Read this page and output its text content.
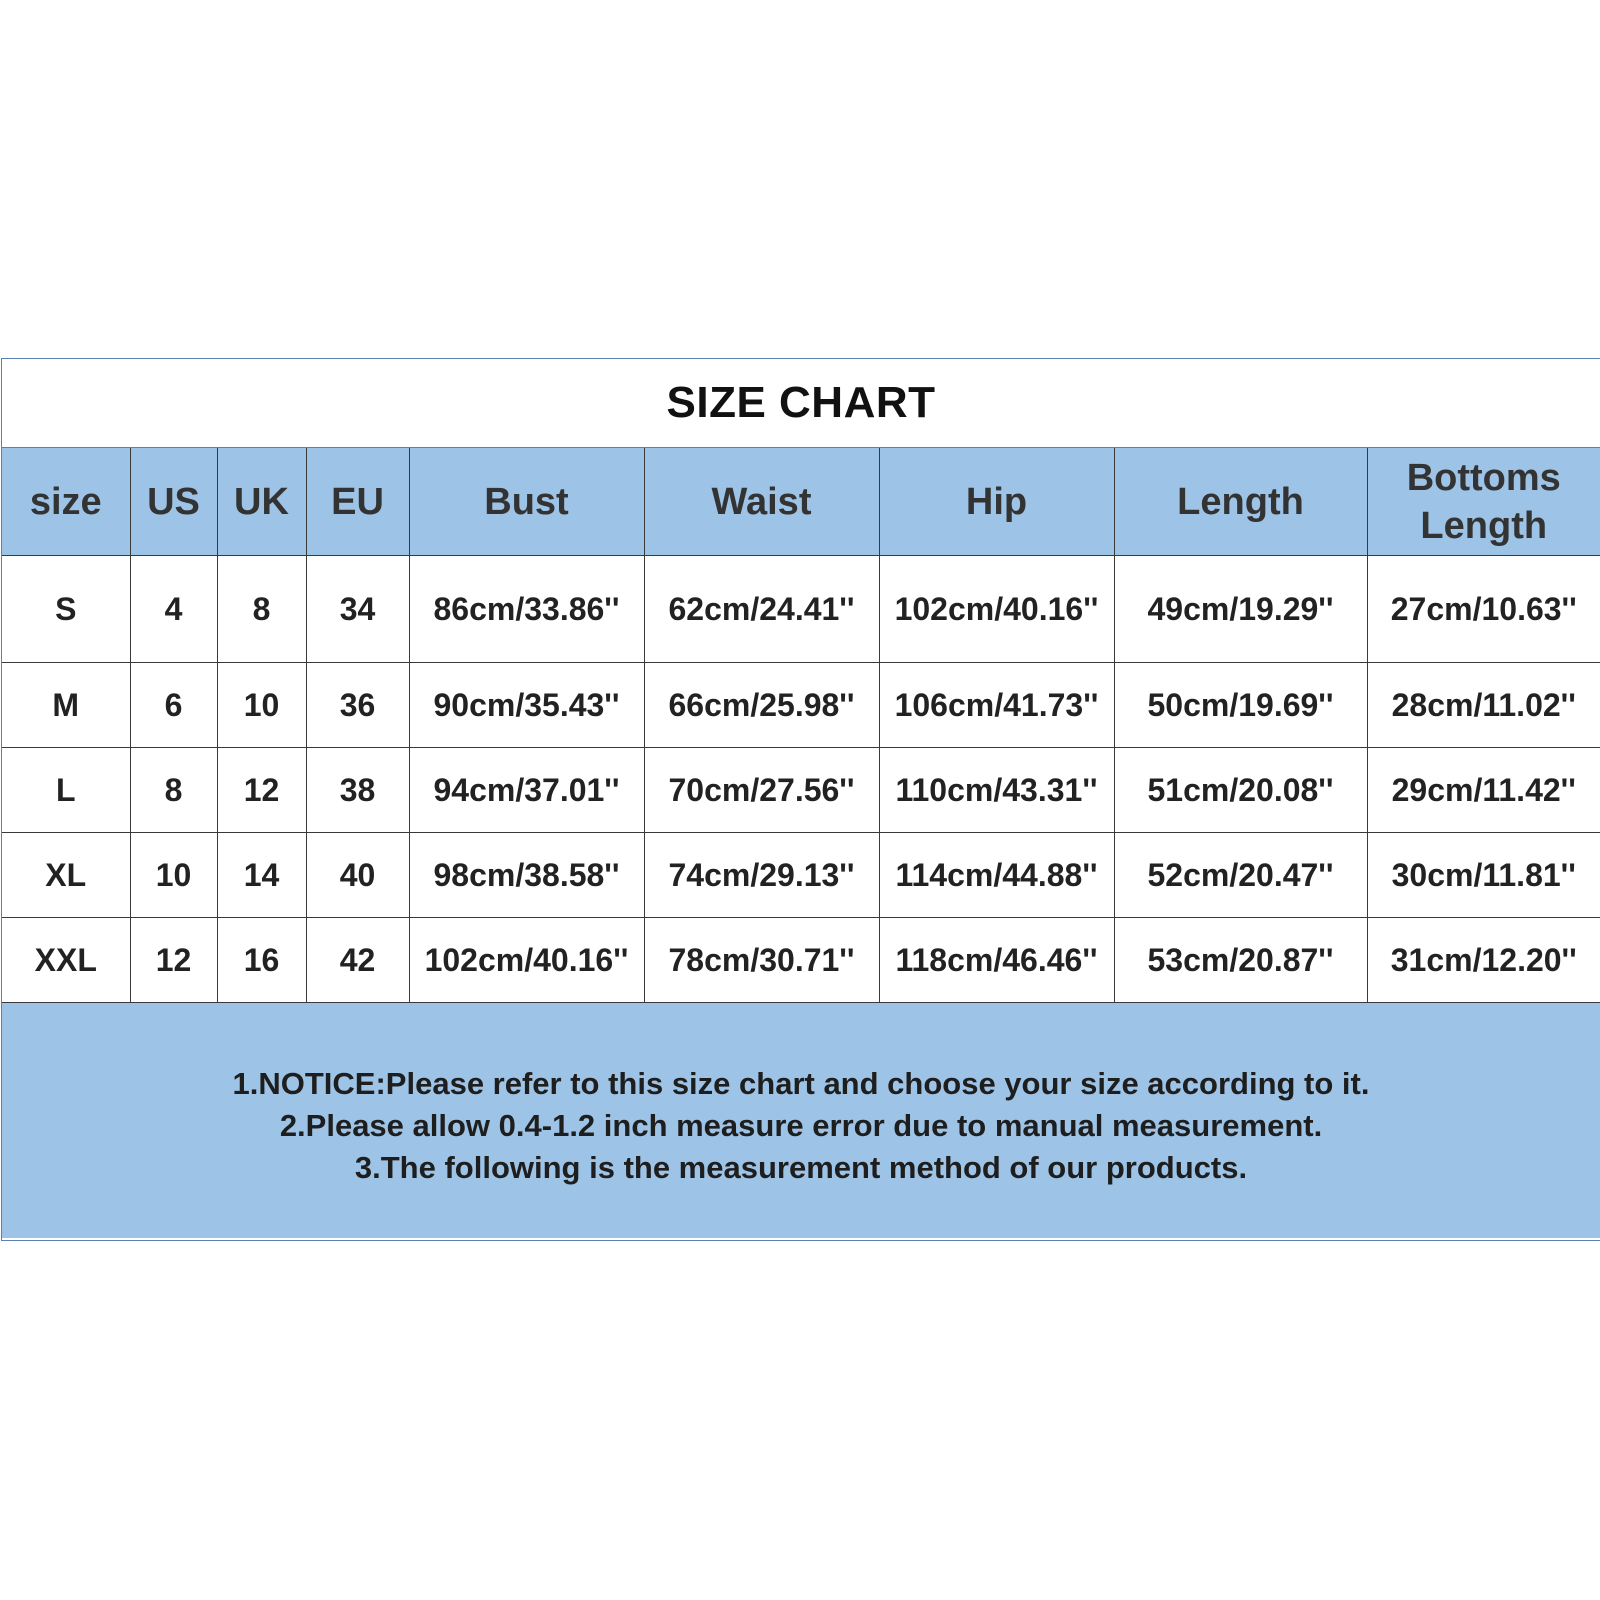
SIZE CHART
size	US	UK	EU	Bust	Waist	Hip	Length	Bottoms Length
S	4	8	34	86cm/33.86''	62cm/24.41''	102cm/40.16''	49cm/19.29''	27cm/10.63''
M	6	10	36	90cm/35.43''	66cm/25.98''	106cm/41.73''	50cm/19.69''	28cm/11.02''
L	8	12	38	94cm/37.01''	70cm/27.56''	110cm/43.31''	51cm/20.08''	29cm/11.42''
XL	10	14	40	98cm/38.58''	74cm/29.13''	114cm/44.88''	52cm/20.47''	30cm/11.81''
XXL	12	16	42	102cm/40.16''	78cm/30.71''	118cm/46.46''	53cm/20.87''	31cm/12.20''
1.NOTICE:Please refer to this size chart and choose your size according to it.
2.Please allow 0.4-1.2 inch measure error due to manual measurement.
3.The following is the measurement method of our products.
